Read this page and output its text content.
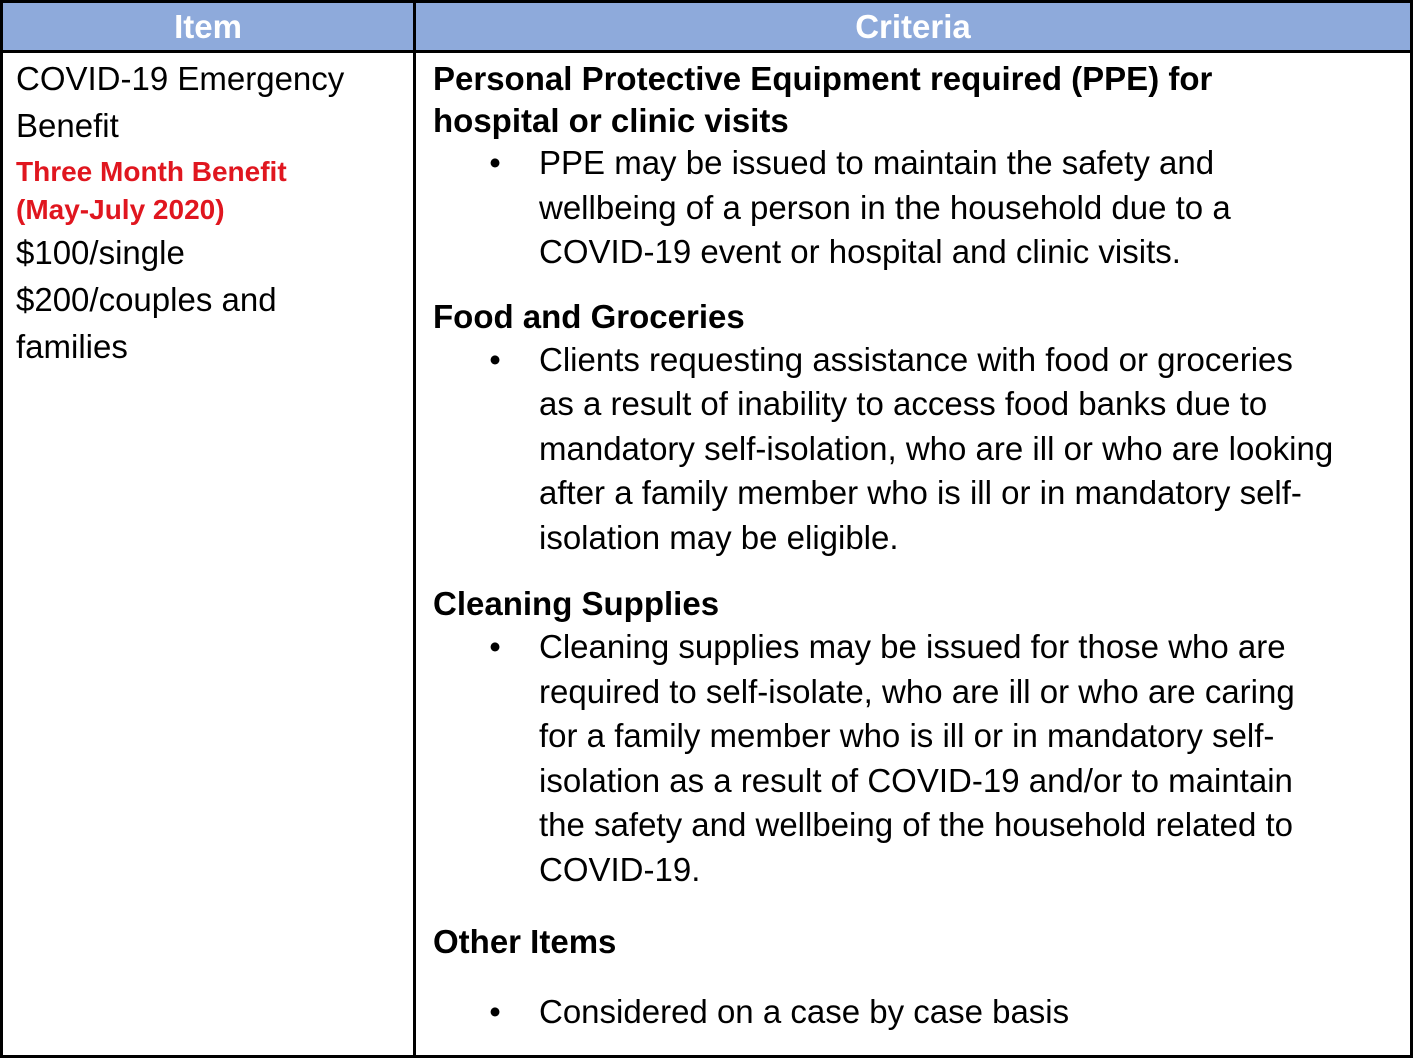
Item	Criteria
COVID-19 Emergency
Benefit
Three Month Benefit
(May-July 2020)
$100/single
$200/couples and
families
Personal Protective Equipment required (PPE) for
hospital or clinic visits
• PPE may be issued to maintain the safety and
wellbeing of a person in the household due to a
COVID-19 event or hospital and clinic visits.
Food and Groceries
• Clients requesting assistance with food or groceries
as a result of inability to access food banks due to
mandatory self-isolation, who are ill or who are looking
after a family member who is ill or in mandatory self-
isolation may be eligible.
Cleaning Supplies
• Cleaning supplies may be issued for those who are
required to self-isolate, who are ill or who are caring
for a family member who is ill or in mandatory self-
isolation as a result of COVID-19 and/or to maintain
the safety and wellbeing of the household related to
COVID-19.
Other Items
• Considered on a case by case basis
